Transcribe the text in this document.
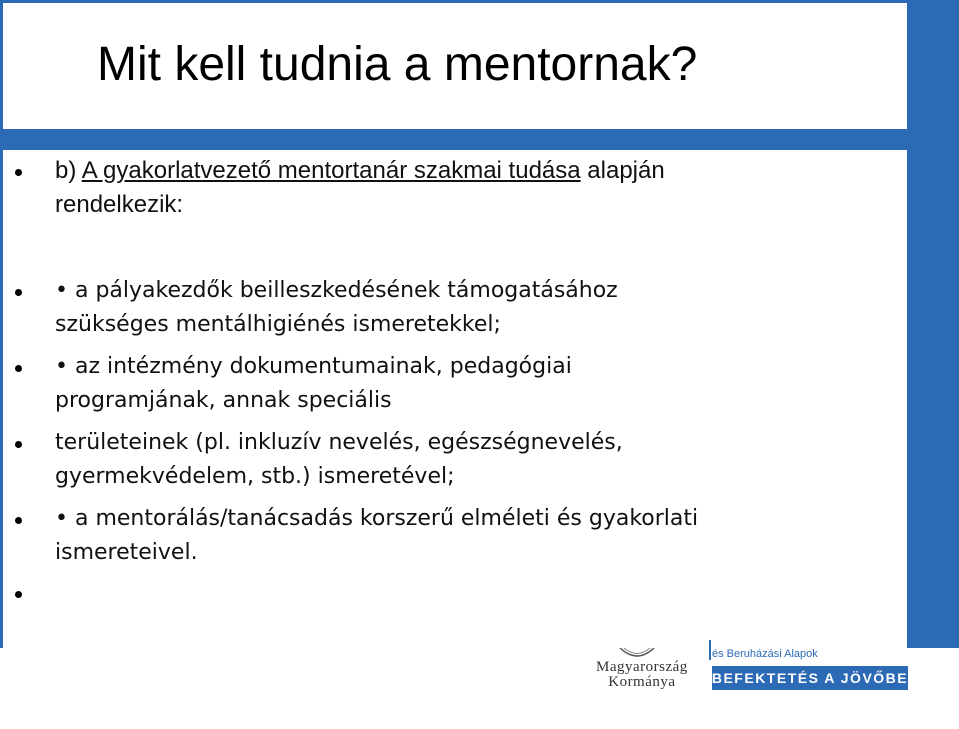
Mit kell tudnia a mentornak?
b) A gyakorlatvezető mentortanár szakmai tudása alapján
rendelkezik:
• a pályakezdők beilleszkedésének támogatásához
szükséges mentálhigiénés ismeretekkel;
• az intézmény dokumentumainak, pedagógiai
programjának, annak speciális
területeinek (pl. inkluzív nevelés, egészségnevelés,
gyermekvédelem, stb.) ismeretével;
• a mentorálás/tanácsadás korszerű elméleti és gyakorlati
ismereteivel.
Magyarország
Kormánya
és Beruházási Alapok
BEFEKTETÉS A JÖVŐBE
